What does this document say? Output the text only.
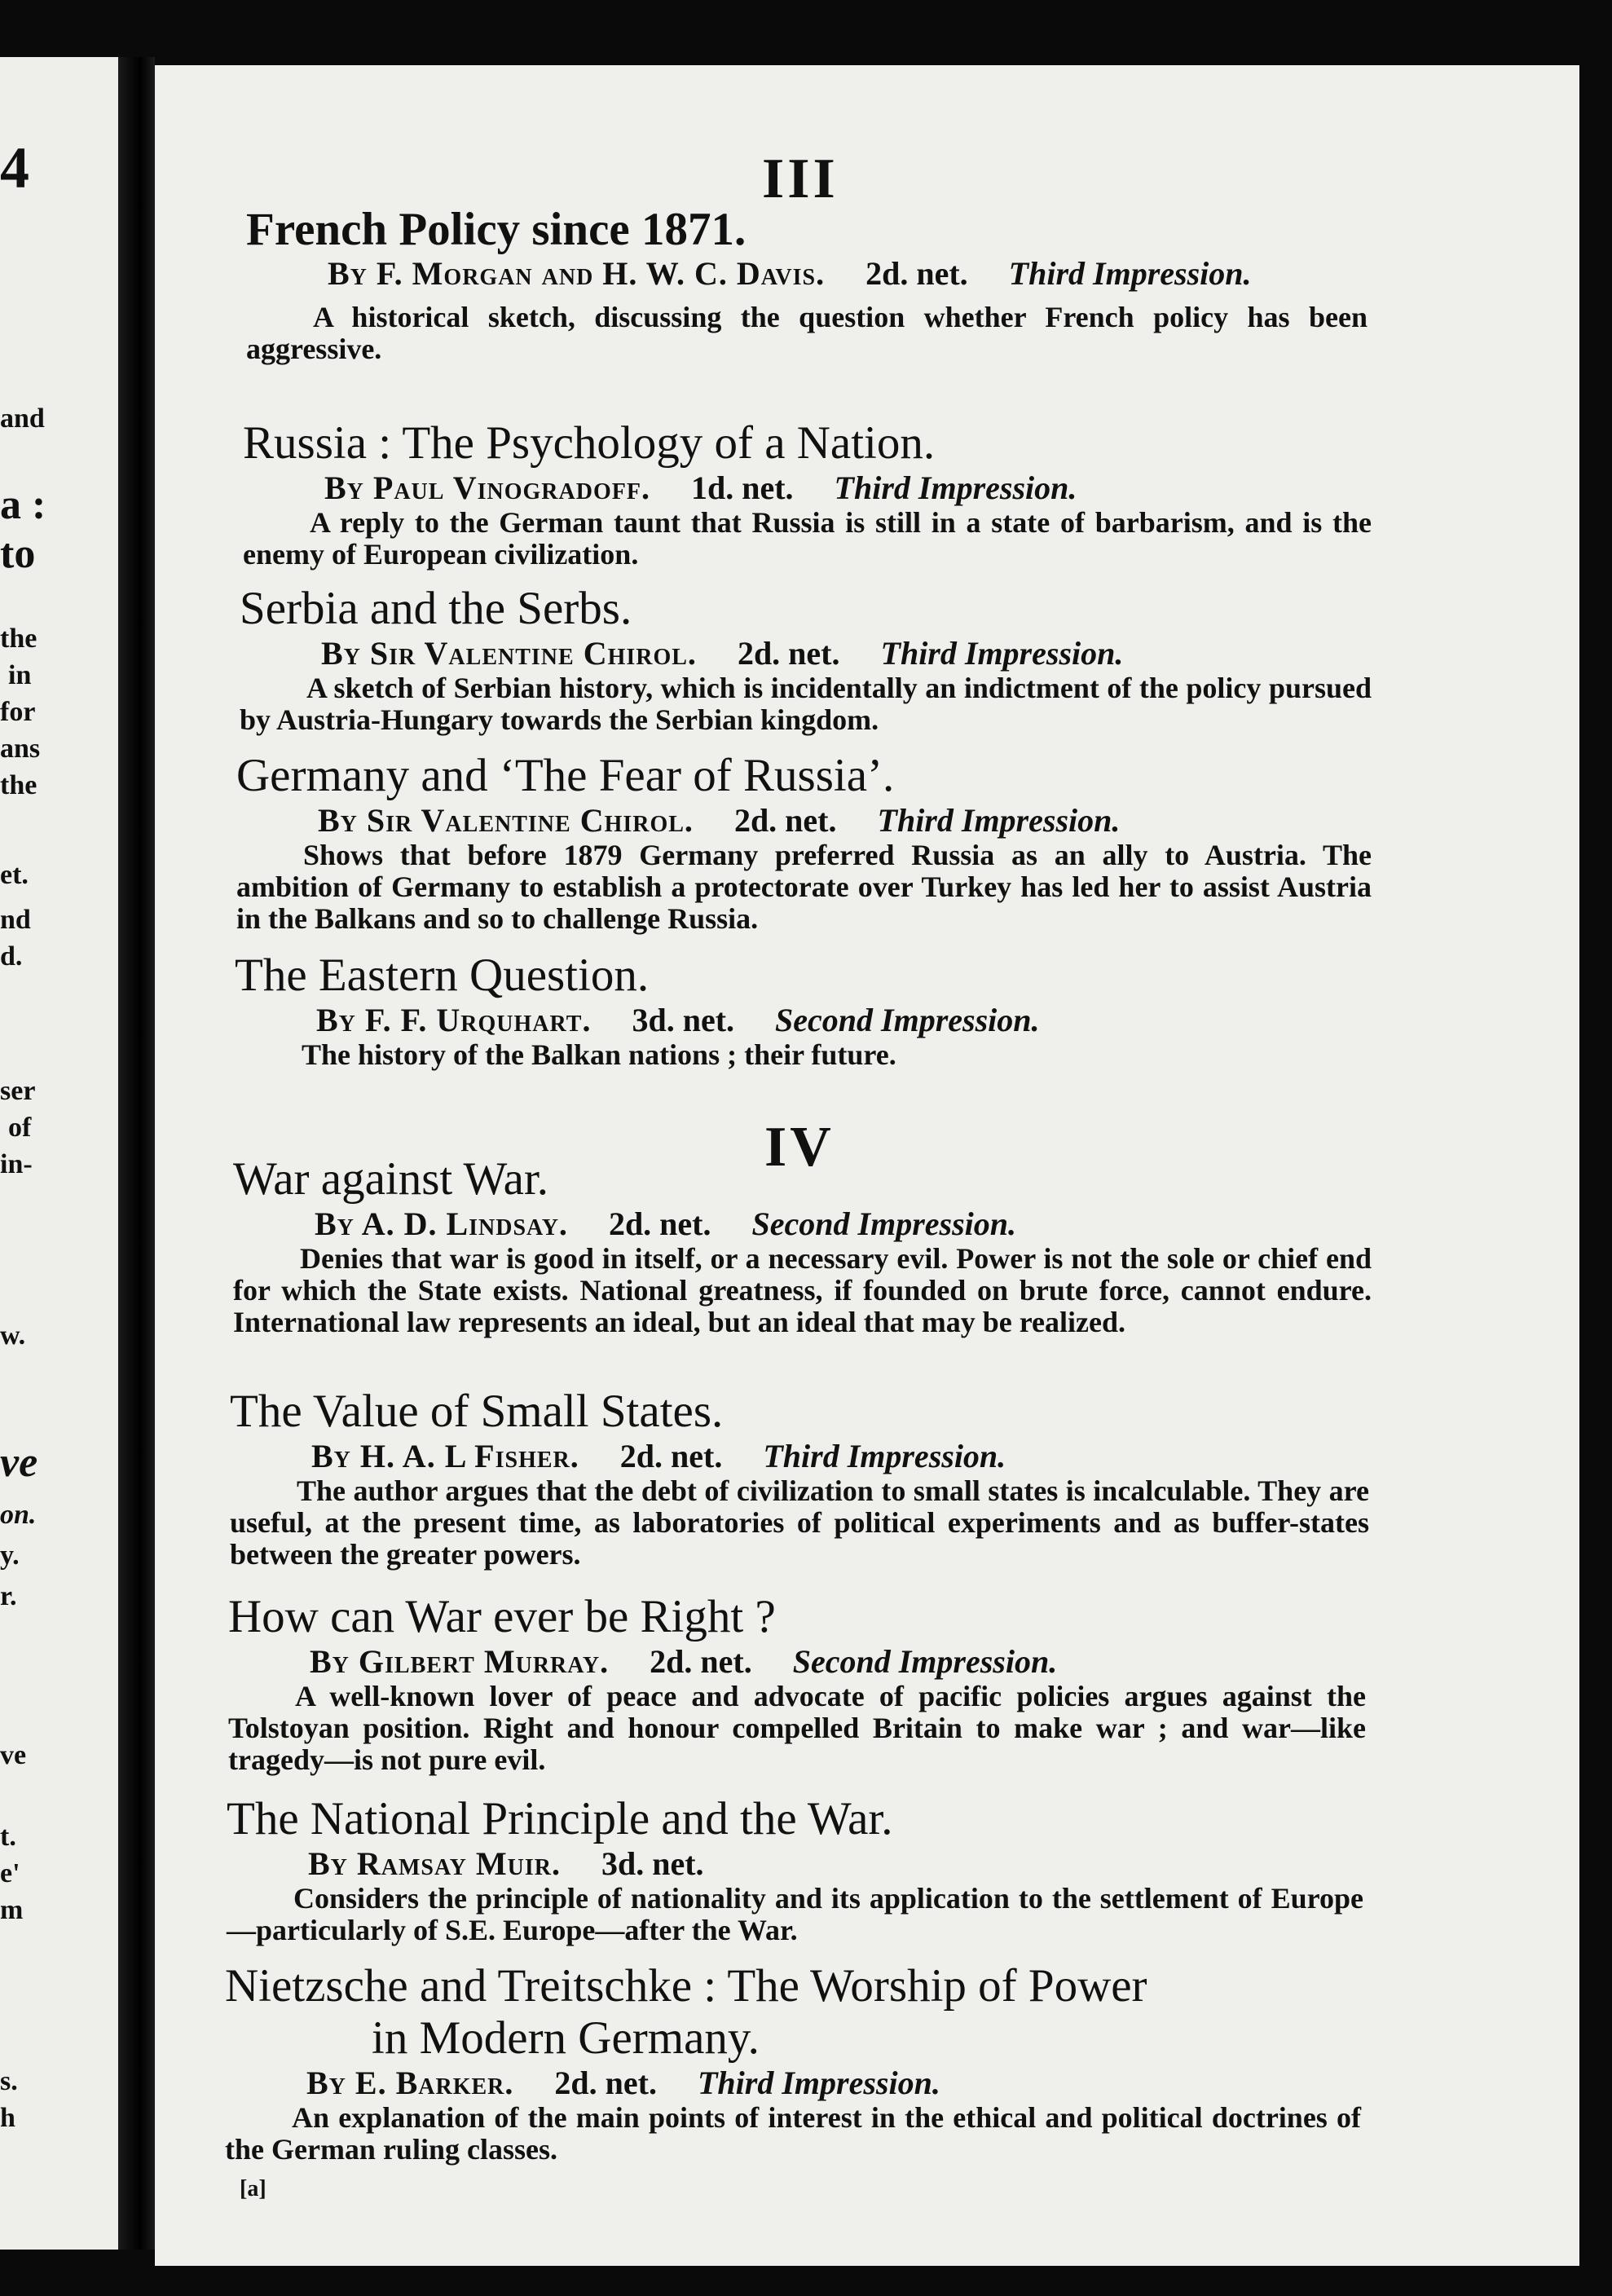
4
and
a :
to
the
in
for
ans
the
et.
nd
d.
ser
of
in-
w.
ve
on.
y.
r.
ve
t.
e'
m
s.
h
III
French Policy since 1871.
By F. Morgan and H. W. C. Davis. 2d. net. Third Impression.

A historical sketch, discussing the question whether French policy has been aggressive.

Russia : The Psychology of a Nation.
By Paul Vinogradoff. 1d. net. Third Impression.

A reply to the German taunt that Russia is still in a state of barbarism, and is the enemy of European civilization.

Serbia and the Serbs.
By Sir Valentine Chirol. 2d. net. Third Impression.

A sketch of Serbian history, which is incidentally an indictment of the policy pursued by Austria-Hungary towards the Serbian kingdom.

Germany and ‘The Fear of Russia’.
By Sir Valentine Chirol. 2d. net. Third Impression.

Shows that before 1879 Germany preferred Russia as an ally to Austria. The ambition of Germany to establish a protectorate over Turkey has led her to assist Austria in the Balkans and so to challenge Russia.

The Eastern Question.
By F. F. Urquhart. 3d. net. Second Impression.

The history of the Balkan nations ; their future.

IV
War against War.
By A. D. Lindsay. 2d. net. Second Impression.

Denies that war is good in itself, or a necessary evil. Power is not the sole or chief end for which the State exists. National greatness, if founded on brute force, cannot endure. International law represents an ideal, but an ideal that may be realized.

The Value of Small States.
By H. A. L Fisher. 2d. net. Third Impression.

The author argues that the debt of civilization to small states is incalculable. They are useful, at the present time, as laboratories of political experiments and as buffer-states between the greater powers.

How can War ever be Right ?
By Gilbert Murray. 2d. net. Second Impression.

A well-known lover of peace and advocate of pacific policies argues against the Tolstoyan position. Right and honour compelled Britain to make war ; and war—like tragedy—is not pure evil.

The National Principle and the War.
By Ramsay Muir. 3d. net.

Considers the principle of nationality and its application to the settlement of Europe—particularly of S.E. Europe—after the War.

Nietzsche and Treitschke : The Worship of Power
in Modern Germany.
By E. Barker. 2d. net. Third Impression.

An explanation of the main points of interest in the ethical and political doctrines of the German ruling classes.

[a]
